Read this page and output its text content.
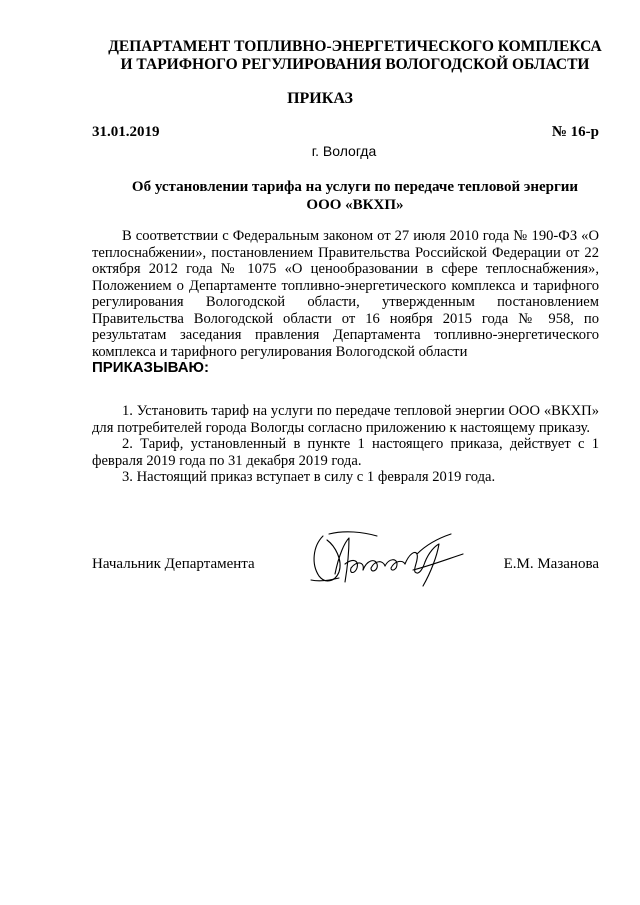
ДЕПАРТАМЕНТ ТОПЛИВНО-ЭНЕРГЕТИЧЕСКОГО КОМПЛЕКСА
И ТАРИФНОГО РЕГУЛИРОВАНИЯ ВОЛОГОДСКОЙ ОБЛАСТИ
ПРИКАЗ
31.01.2019	№ 16-р
г. Вологда
Об установлении тарифа на услуги по передаче тепловой энергии
ООО «ВКХП»

В соответствии с Федеральным законом от 27 июля 2010 года № 190-ФЗ «О теплоснабжении», постановлением Правительства Российской Федерации от 22 октября 2012 года № 1075 «О ценообразовании в сфере теплоснабжения», Положением о Департаменте топливно-энергетического комплекса и тарифного регулирования Вологодской области, утвержденным постановлением Правительства Вологодской области от 16 ноября 2015 года № 958, по результатам заседания правления Департамента топливно-энергетического комплекса и тарифного регулирования Вологодской области

ПРИКАЗЫВАЮ:

1. Установить тариф на услуги по передаче тепловой энергии ООО «ВКХП» для потребителей города Вологды согласно приложению к настоящему приказу.

2. Тариф, установленный в пункте 1 настоящего приказа, действует с 1 февраля 2019 года по 31 декабря 2019 года.

3. Настоящий приказ вступает в силу с 1 февраля 2019 года.

Начальник Департамента	Е.М. Мазанова
